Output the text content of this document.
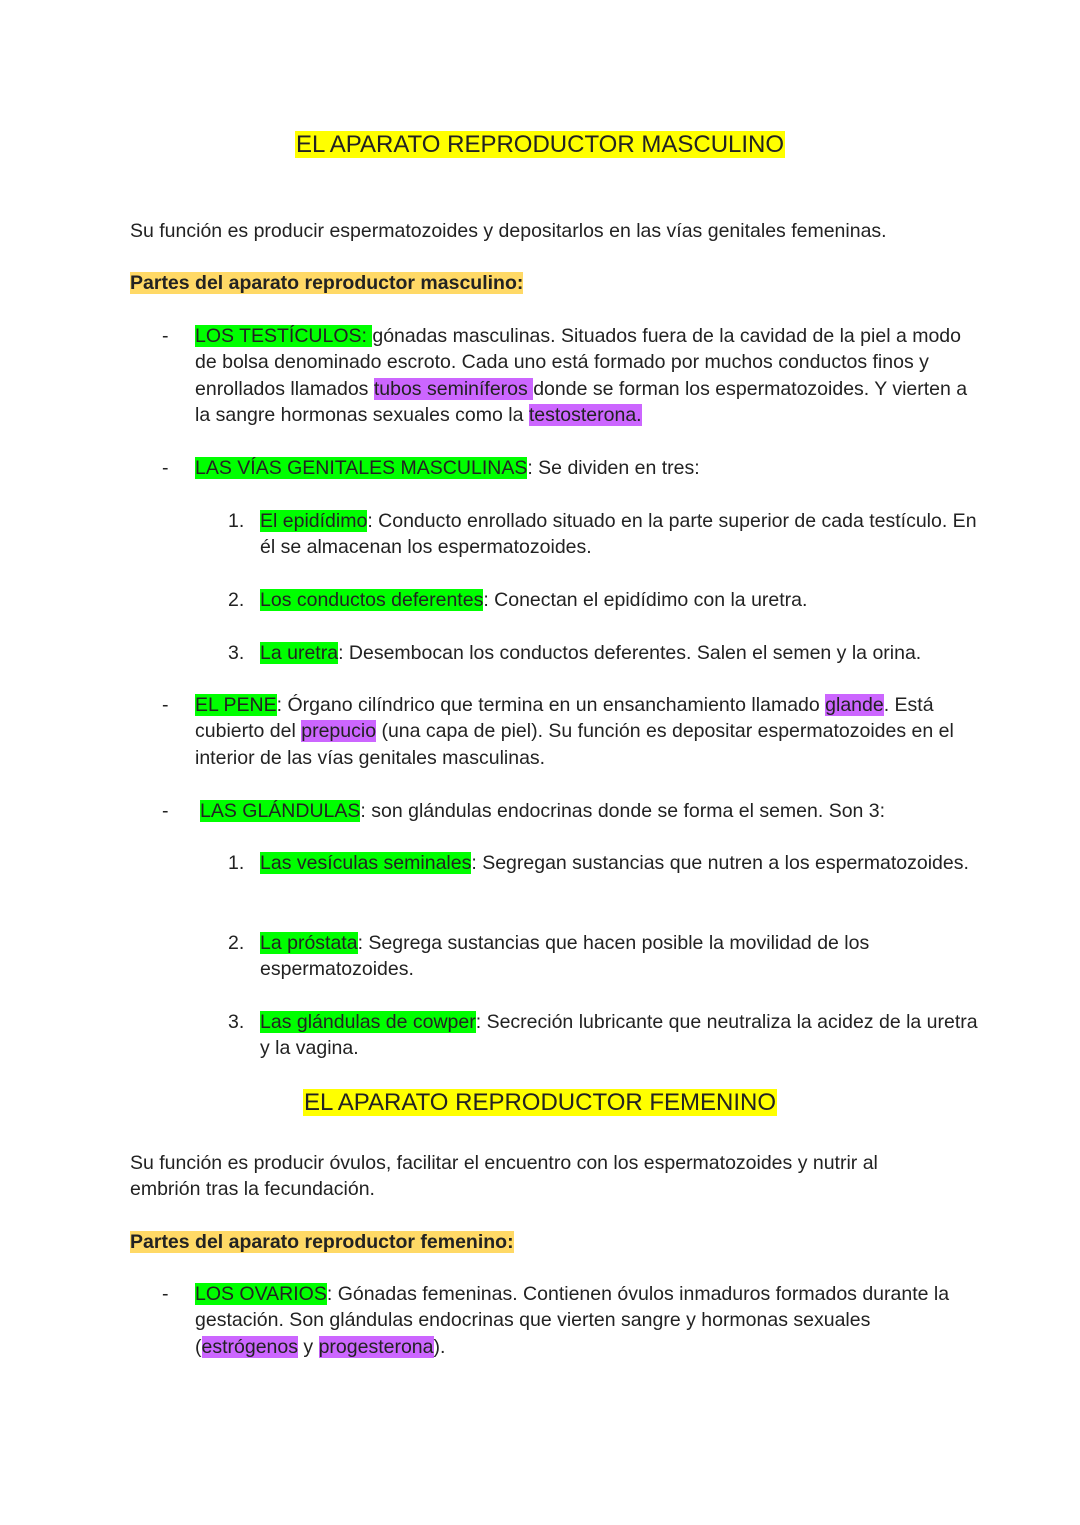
EL APARATO REPRODUCTOR MASCULINO
Su función es producir espermatozoides y depositarlos en las vías genitales femeninas.
Partes del aparato reproductor masculino:
-	LOS TESTÍCULOS: gónadas masculinas. Situados fuera de la cavidad de la piel a modo de bolsa denominado escroto. Cada uno está formado por muchos conductos finos y enrollados llamados tubos seminíferos donde se forman los espermatozoides. Y vierten a la sangre hormonas sexuales como la testosterona.
-	LAS VÍAS GENITALES MASCULINAS: Se dividen en tres:
1. El epidídimo: Conducto enrollado situado en la parte superior de cada testículo. En él se almacenan los espermatozoides.
2. Los conductos deferentes: Conectan el epidídimo con la uretra.
3. La uretra: Desembocan los conductos deferentes. Salen el semen y la orina.
-	EL PENE: Órgano cilíndrico que termina en un ensanchamiento llamado glande. Está cubierto del prepucio (una capa de piel). Su función es depositar espermatozoides en el interior de las vías genitales masculinas.
-	LAS GLÁNDULAS: son glándulas endocrinas donde se forma el semen. Son 3:
1. Las vesículas seminales: Segregan sustancias que nutren a los espermatozoides.
2. La próstata: Segrega sustancias que hacen posible la movilidad de los espermatozoides.
3. Las glándulas de cowper: Secreción lubricante que neutraliza la acidez de la uretra y la vagina.
EL APARATO REPRODUCTOR FEMENINO
Su función es producir óvulos, facilitar el encuentro con los espermatozoides y nutrir al embrión tras la fecundación.
Partes del aparato reproductor femenino:
-	LOS OVARIOS: Gónadas femeninas. Contienen óvulos inmaduros formados durante la gestación. Son glándulas endocrinas que vierten sangre y hormonas sexuales (estrógenos y progesterona).
